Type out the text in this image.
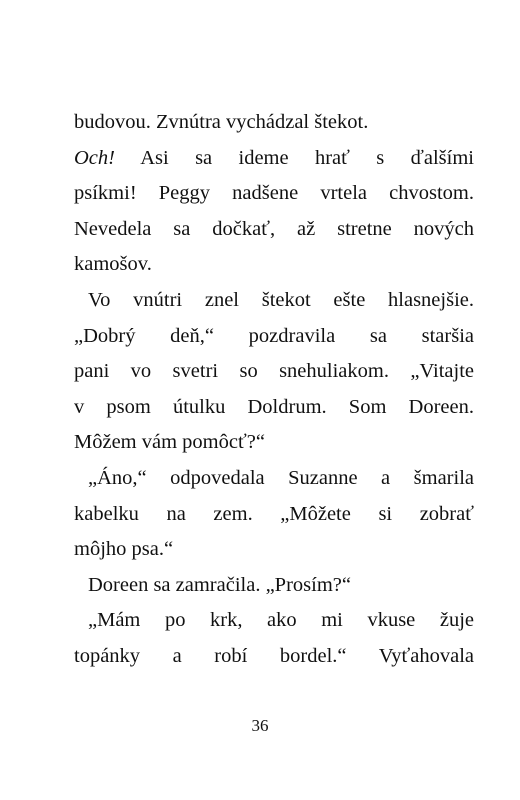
budovou. Zvnútra vychádzal štekot.
Och! Asi sa ideme hrať s ďalšími
psíkmi! Peggy nadšene vrtela chvostom.
Nevedela sa dočkať, až stretne nových
kamošov.
Vo vnútri znel štekot ešte hlasnejšie.
„Dobrý deň,“ pozdravila sa staršia
pani vo svetri so snehuliakom. „Vitajte
v psom útulku Doldrum. Som Doreen.
Môžem vám pomôcť?“
„Áno,“ odpovedala Suzanne a šmarila
kabelku na zem. „Môžete si zobrať
môjho psa.“
Doreen sa zamračila. „Prosím?“
„Mám po krk, ako mi vkuse žuje
topánky a robí bordel.“ Vyťahovala
36
